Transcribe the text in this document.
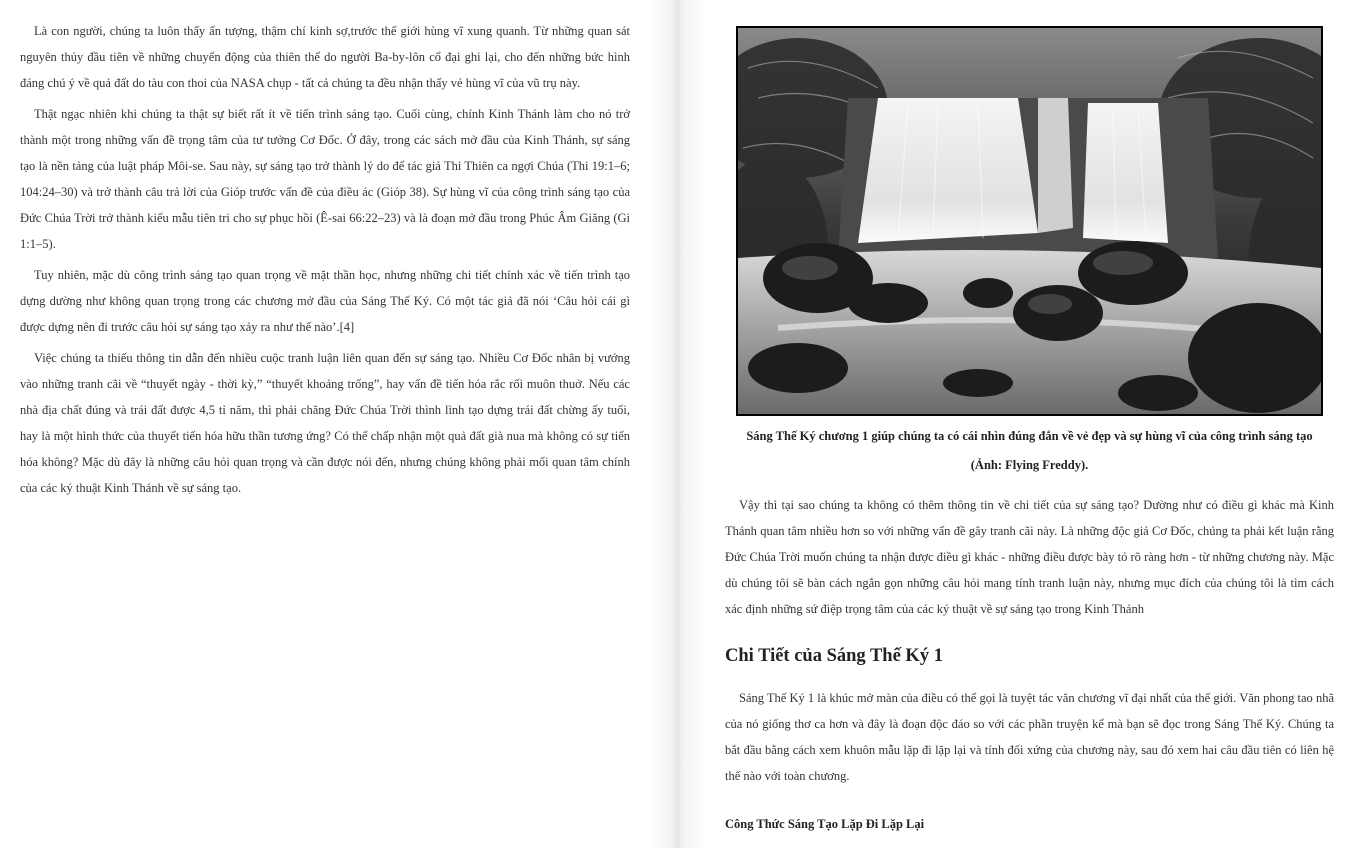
Là con người, chúng ta luôn thấy ấn tượng, thậm chí kinh sợ,trước thế giới hùng vĩ xung quanh. Từ những quan sát nguyên thủy đầu tiên về những chuyển động của thiên thể do người Ba-by-lôn cổ đại ghi lại, cho đến những bức hình đáng chú ý về quả đất do tàu con thoi của NASA chụp - tất cả chúng ta đều nhận thấy vẻ hùng vĩ của vũ trụ này.

Thật ngạc nhiên khi chúng ta thật sự biết rất ít về tiến trình sáng tạo. Cuối cùng, chính Kinh Thánh làm cho nó trở thành một trong những vấn đề trọng tâm của tư tưởng Cơ Đốc. Ở đây, trong các sách mở đầu của Kinh Thánh, sự sáng tạo là nền tảng của luật pháp Môi-se. Sau này, sự sáng tạo trở thành lý do để tác giả Thi Thiên ca ngợi Chúa (Thi 19:1–6; 104:24–30) và trở thành câu trả lời của Gióp trước vấn đề của điều ác (Gióp 38). Sự hùng vĩ của công trình sáng tạo của Đức Chúa Trời trở thành kiểu mẫu tiên tri cho sự phục hồi (Ê-sai 66:22–23) và là đoạn mở đầu trong Phúc Âm Giăng (Gi 1:1–5).

Tuy nhiên, mặc dù công trình sáng tạo quan trọng về mặt thần học, nhưng những chi tiết chính xác về tiến trình tạo dựng dường như không quan trọng trong các chương mở đầu của Sáng Thế Ký. Có một tác giả đã nói ‘Câu hỏi cái gì được dựng nên đi trước câu hỏi sự sáng tạo xảy ra như thế nào’.[4]

Việc chúng ta thiếu thông tin dẫn đến nhiều cuộc tranh luận liên quan đến sự sáng tạo. Nhiều Cơ Đốc nhân bị vướng vào những tranh cãi về “thuyết ngày - thời kỳ,” “thuyết khoảng trống”, hay vấn đề tiến hóa rắc rối muôn thuở. Nếu các nhà địa chất đúng và trái đất được 4,5 tỉ năm, thì phải chăng Đức Chúa Trời thình lình tạo dựng trái đất chừng ấy tuổi, hay là một hình thức của thuyết tiến hóa hữu thần tương ứng? Có thể chấp nhận một quả đất già nua mà không có sự tiến hóa không? Mặc dù đây là những câu hỏi quan trọng và cần được nói đến, nhưng chúng không phải mối quan tâm chính của các ký thuật Kinh Thánh về sự sáng tạo.

Sáng Thế Ký chương 1 giúp chúng ta có cái nhìn đúng đắn về vẻ đẹp và sự hùng vĩ của công trình sáng tạo
(Ảnh: Flying Freddy).

Vậy thì tại sao chúng ta không có thêm thông tin về chi tiết của sự sáng tạo? Dường như có điều gì khác mà Kinh Thánh quan tâm nhiều hơn so với những vấn đề gây tranh cãi này. Là những độc giả Cơ Đốc, chúng ta phải kết luận rằng Đức Chúa Trời muốn chúng ta nhận được điều gì khác - những điều được bày tỏ rõ ràng hơn - từ những chương này. Mặc dù chúng tôi sẽ bàn cách ngắn gọn những câu hỏi mang tính tranh luận này, nhưng mục đích của chúng tôi là tìm cách xác định những sứ điệp trọng tâm của các ký thuật về sự sáng tạo trong Kinh Thánh

Chi Tiết của Sáng Thế Ký 1

Sáng Thế Ký 1 là khúc mở màn của điều có thể gọi là tuyệt tác văn chương vĩ đại nhất của thế giới. Văn phong tao nhã của nó giống thơ ca hơn và đây là đoạn độc đáo so với các phần truyện kể mà bạn sẽ đọc trong Sáng Thế Ký. Chúng ta bắt đầu bằng cách xem khuôn mẫu lặp đi lặp lại và tính đối xứng của chương này, sau đó xem hai câu đầu tiên có liên hệ thế nào với toàn chương.

Công Thức Sáng Tạo Lặp Đi Lặp Lại
